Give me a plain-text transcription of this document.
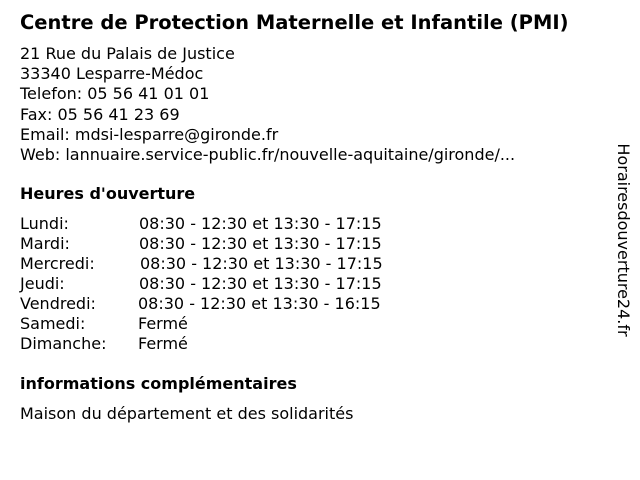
Centre de Protection Maternelle et Infantile (PMI)
21 Rue du Palais de Justice
33340 Lesparre-Médoc
Telefon: 05 56 41 01 01
Fax: 05 56 41 23 69
Email: mdsi-lesparre@gironde.fr
Web: lannuaire.service-public.fr/nouvelle-aquitaine/gironde/...
Heures d'ouverture
Lundi:	08:30 - 12:30 et 13:30 - 17:15
Mardi:	08:30 - 12:30 et 13:30 - 17:15
Mercredi:	08:30 - 12:30 et 13:30 - 17:15
Jeudi:	08:30 - 12:30 et 13:30 - 17:15
Vendredi:	08:30 - 12:30 et 13:30 - 16:15
Samedi:	Fermé
Dimanche: Fermé
informations complémentaires
Maison du département et des solidarités
Horairesdouverture24.fr
